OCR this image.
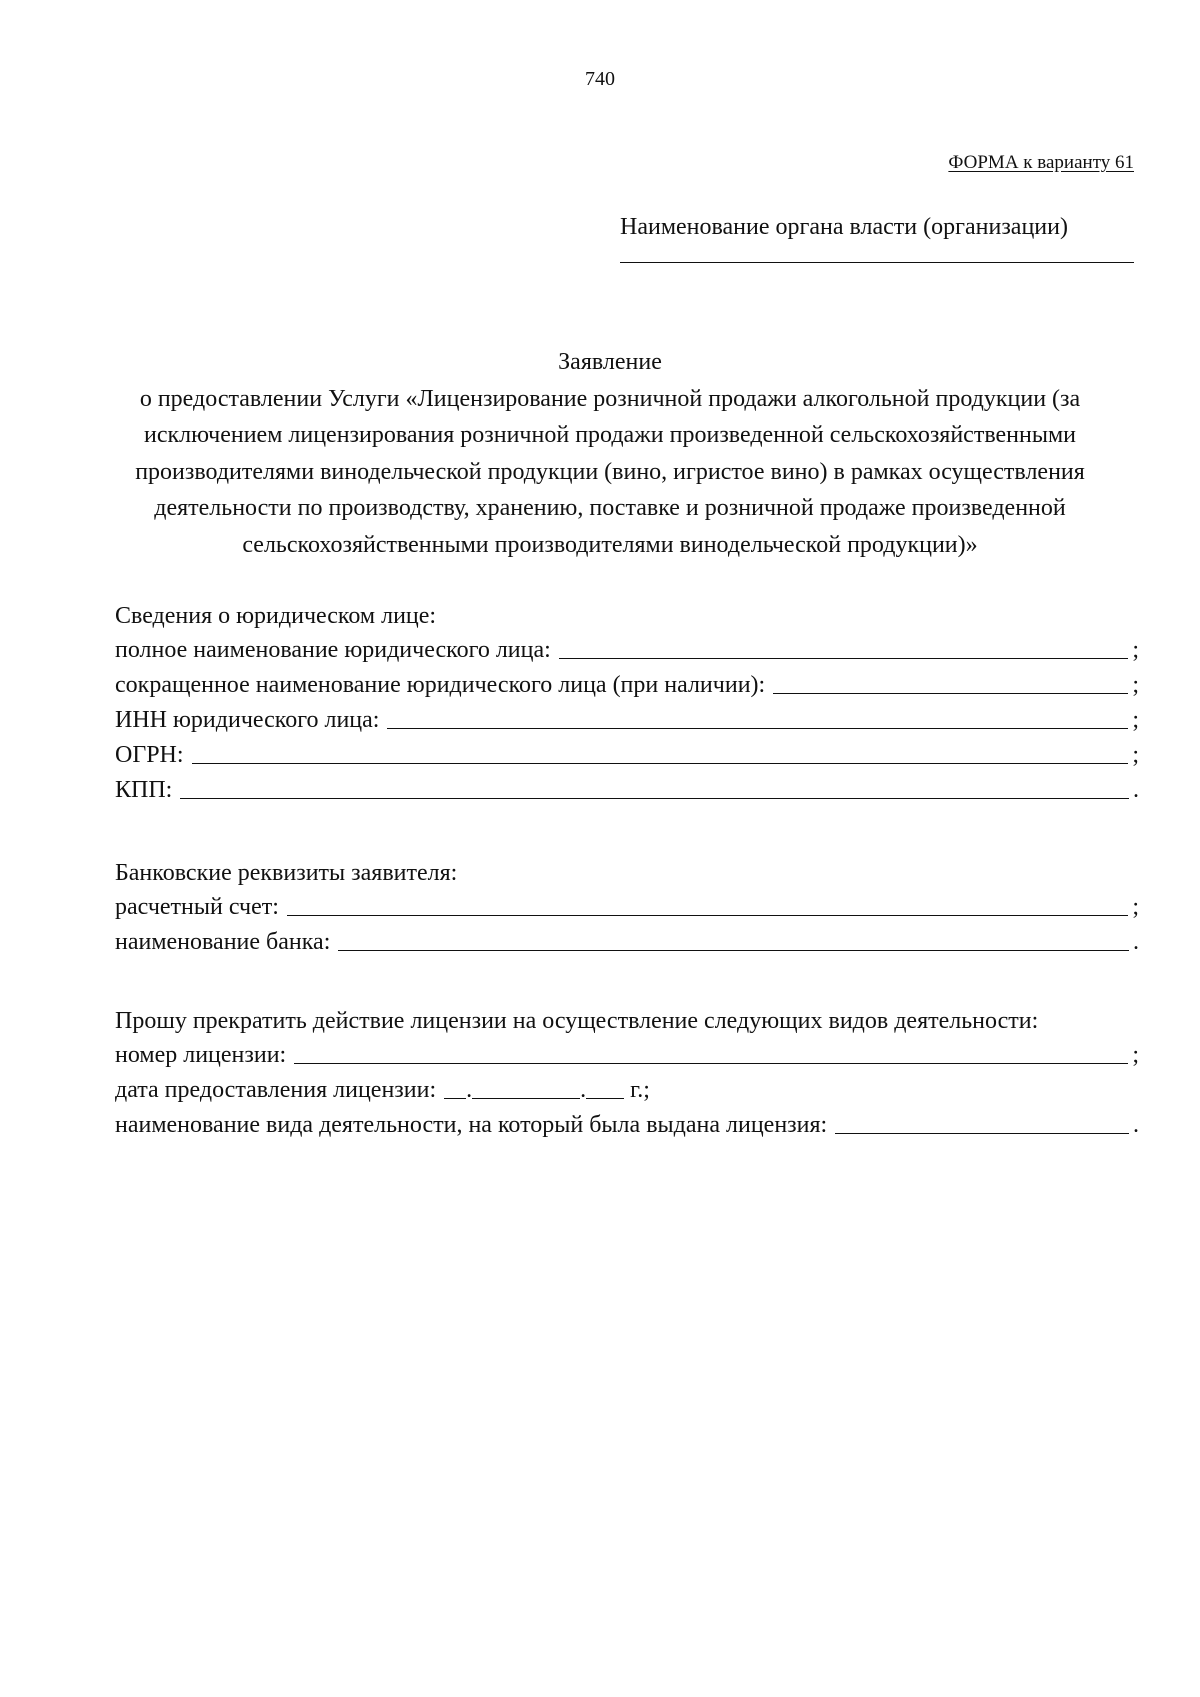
740
ФОРМА к варианту 61
Наименование органа власти (организации)
Заявление
о предоставлении Услуги «Лицензирование розничной продажи алкогольной продукции (за
исключением лицензирования розничной продажи произведенной сельскохозяйственными
производителями винодельческой продукции (вино, игристое вино) в рамках осуществления
деятельности по производству, хранению, поставке и розничной продаже произведенной
сельскохозяйственными производителями винодельческой продукции)»
Сведения о юридическом лице:
полное наименование юридического лица:	;
сокращенное наименование юридического лица (при наличии):	;
ИНН юридического лица:	;
ОГРН:	;
КПП:	.
Банковские реквизиты заявителя:
расчетный счет:	;
наименование банка:	.
Прошу прекратить действие лицензии на осуществление следующих видов деятельности:
номер лицензии:	;
дата предоставления лицензии: .	. г.;
наименование вида деятельности, на который была выдана лицензия:	.
